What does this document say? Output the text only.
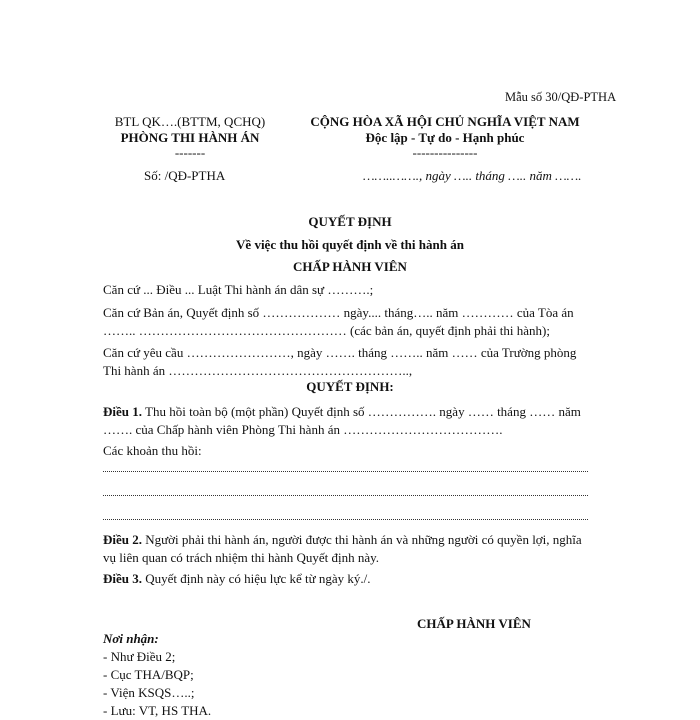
Mẫu số 30/QĐ-PTHA
BTL QK….(BTTM, QCHQ)
PHÒNG THI HÀNH ÁN
-------
Số: /QĐ-PTHA
CỘNG HÒA XÃ HỘI CHỦ NGHĨA VIỆT NAM
Độc lập - Tự do - Hạnh phúc
---------------
……..……., ngày ….. tháng ….. năm …….
QUYẾT ĐỊNH
Về việc thu hồi quyết định về thi hành án
CHẤP HÀNH VIÊN
Căn cứ ... Điều ... Luật Thi hành án dân sự ……….;
Căn cứ Bản án, Quyết định số ……………… ngày.... tháng….. năm ………… của Tòa án …….. ………………………………………… (các bản án, quyết định phải thi hành);
Căn cứ yêu cầu ……………………, ngày ……. tháng …….. năm …… của Trường phòng Thi hành án ………………………………………………..,
QUYẾT ĐỊNH:
Điều 1. Thu hồi toàn bộ (một phần) Quyết định số ……………. ngày …… tháng …… năm ……. của Chấp hành viên Phòng Thi hành án ……………………………….
Các khoản thu hồi:
Điều 2. Người phải thi hành án, người được thi hành án và những người có quyền lợi, nghĩa vụ liên quan có trách nhiệm thi hành Quyết định này.
Điều 3. Quyết định này có hiệu lực kể từ ngày ký./.
CHẤP HÀNH VIÊN
Nơi nhận:
- Như Điều 2;
- Cục THA/BQP;
- Viện KSQS…..;
- Lưu: VT, HS THA.
